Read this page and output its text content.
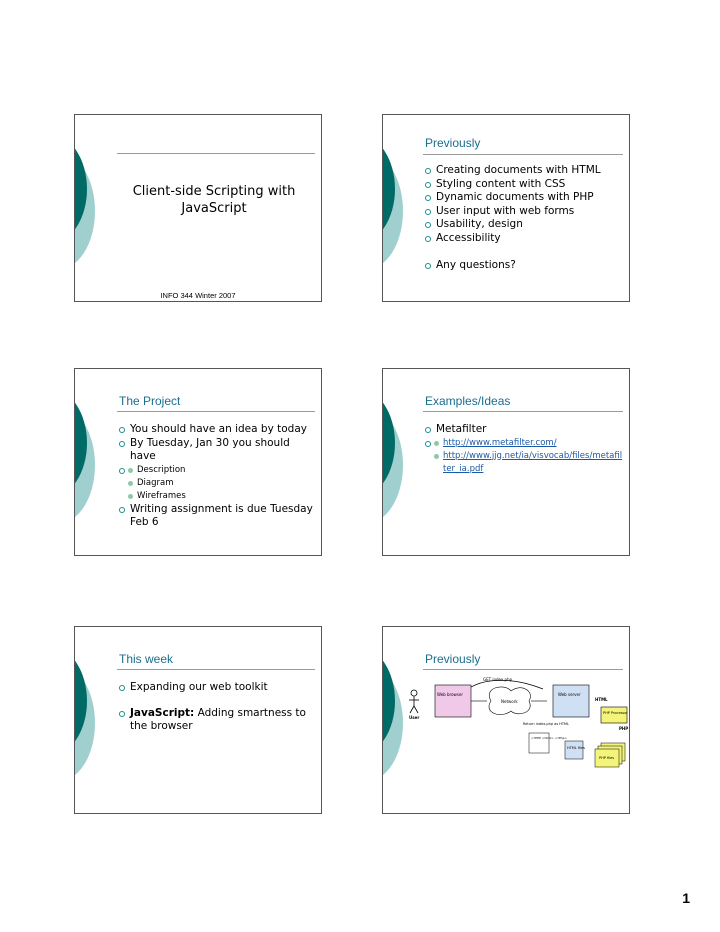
Client-side Scripting with JavaScript
INFO 344 Winter 2007
Previously
Creating documents with HTML
Styling content with CSS
Dynamic documents with PHP
User input with web forms
Usability, design
Accessibility
Any questions?
The Project
You should have an idea by today
By Tuesday, Jan 30 you should have
Description
Diagram
Wireframes
Writing assignment is due Tuesday Feb 6
Examples/Ideas
Metafilter
http://www.metafilter.com/
http://www.jjg.net/ia/visvocab/files/metafilter_ia.pdf
This week
Expanding our web toolkit
JavaScript: Adding smartness to the browser
Previously
GET index.php
User
Web browser
Network
Web server
HTML
PHP Processor
PHP
Return index.php as HTML
<?PHP <html> <?Php>
HTML files
PHP files
1
